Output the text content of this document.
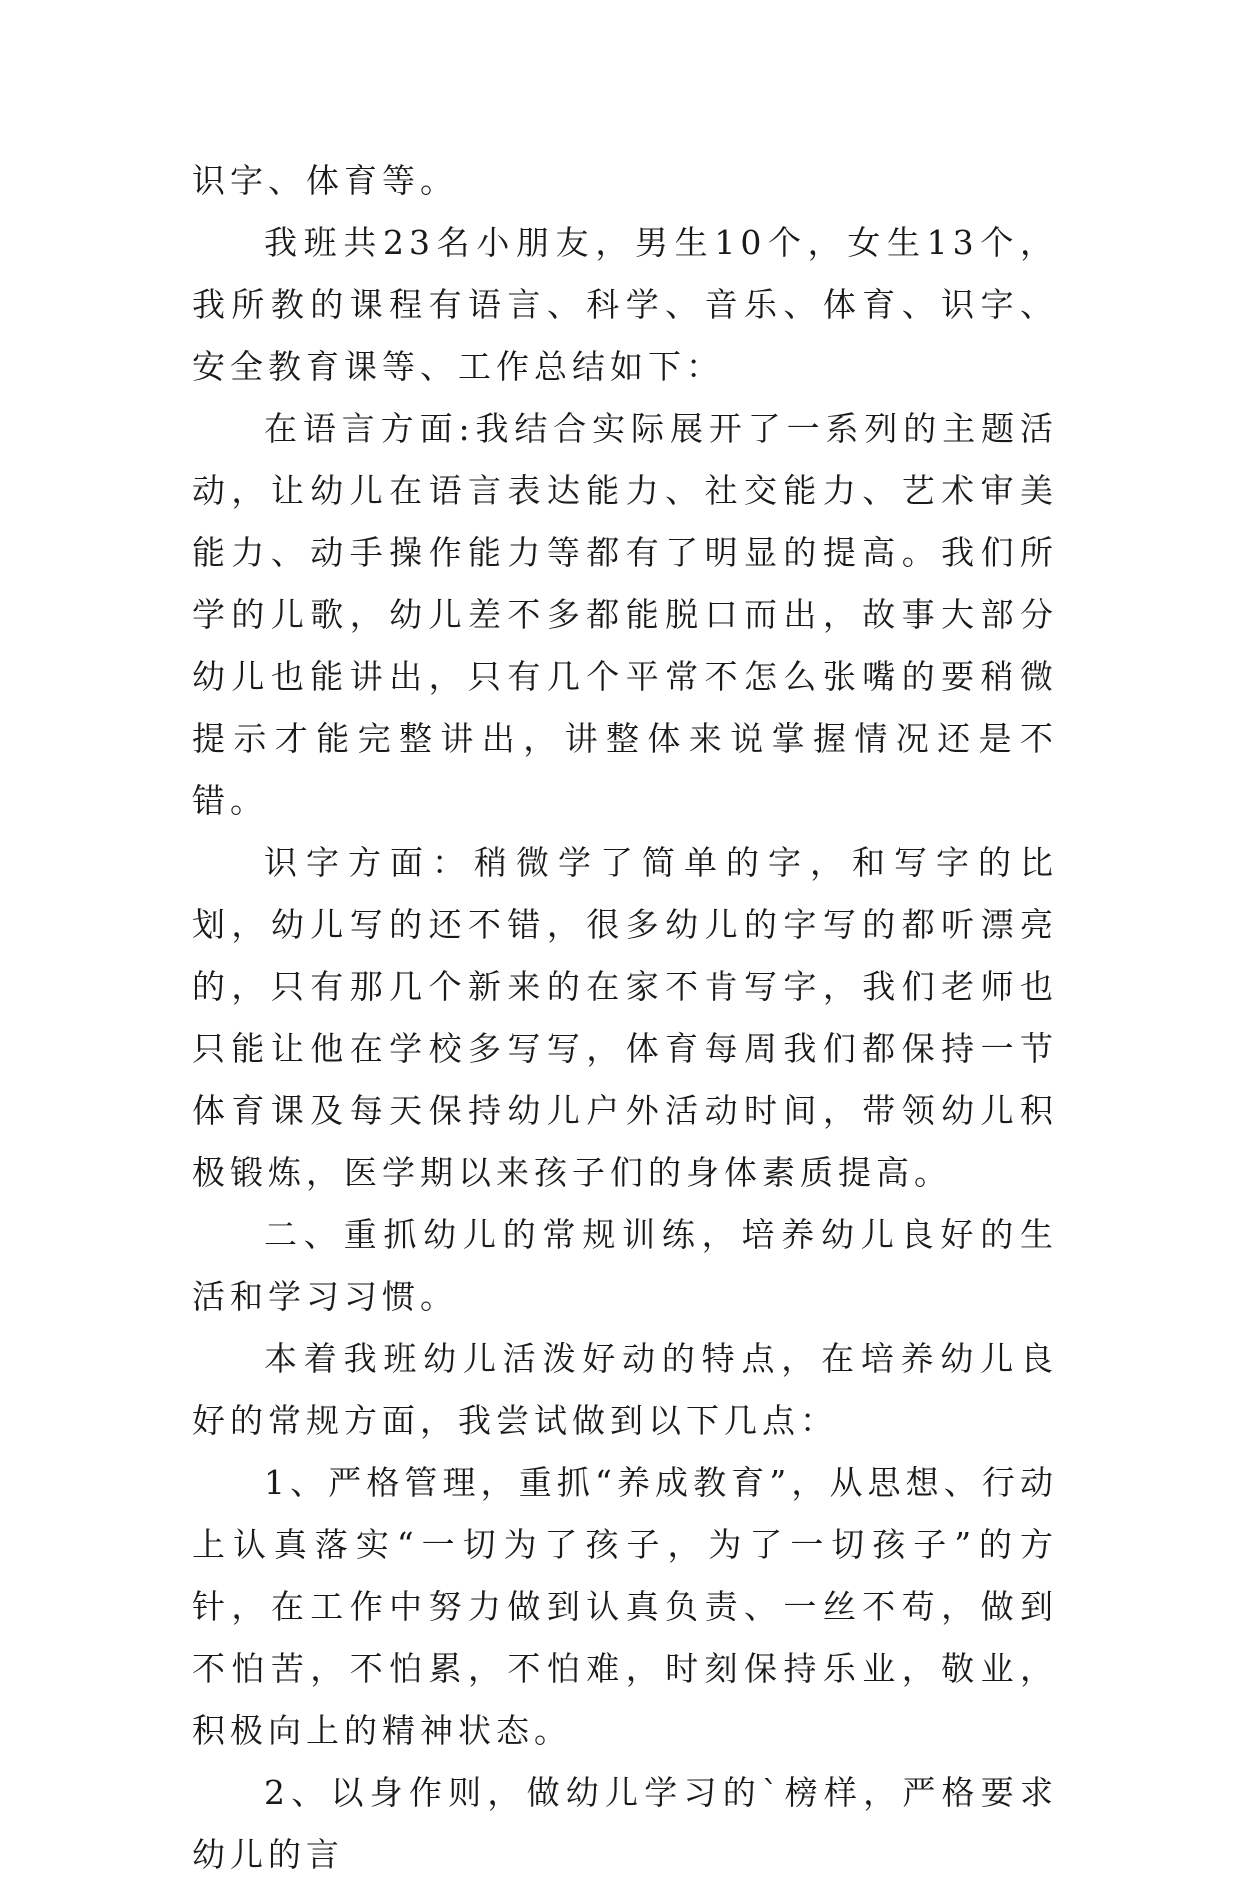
识字、体育等。

我班共23名小朋友，男生10个，女生13个，我所教的课程有语言、科学、音乐、体育、识字、安全教育课等、工作总结如下：

在语言方面:我结合实际展开了一系列的主题活动，让幼儿在语言表达能力、社交能力、艺术审美能力、动手操作能力等都有了明显的提高。我们所学的儿歌，幼儿差不多都能脱口而出，故事大部分幼儿也能讲出，只有几个平常不怎么张嘴的要稍微提示才能完整讲出，讲整体来说掌握情况还是不错。

识字方面：稍微学了简单的字，和写字的比划，幼儿写的还不错，很多幼儿的字写的都听漂亮的，只有那几个新来的在家不肯写字，我们老师也只能让他在学校多写写，体育每周我们都保持一节体育课及每天保持幼儿户外活动时间，带领幼儿积极锻炼，医学期以来孩子们的身体素质提高。

二、重抓幼儿的常规训练，培养幼儿良好的生活和学习习惯。

本着我班幼儿活泼好动的特点，在培养幼儿良好的常规方面，我尝试做到以下几点：

1、严格管理，重抓“养成教育”，从思想、行动上认真落实“一切为了孩子，为了一切孩子”的方针，在工作中努力做到认真负责、一丝不苟，做到不怕苦，不怕累，不怕难，时刻保持乐业，敬业，积极向上的精神状态。

2、以身作则，做幼儿学习的`榜样，严格要求幼儿的言
